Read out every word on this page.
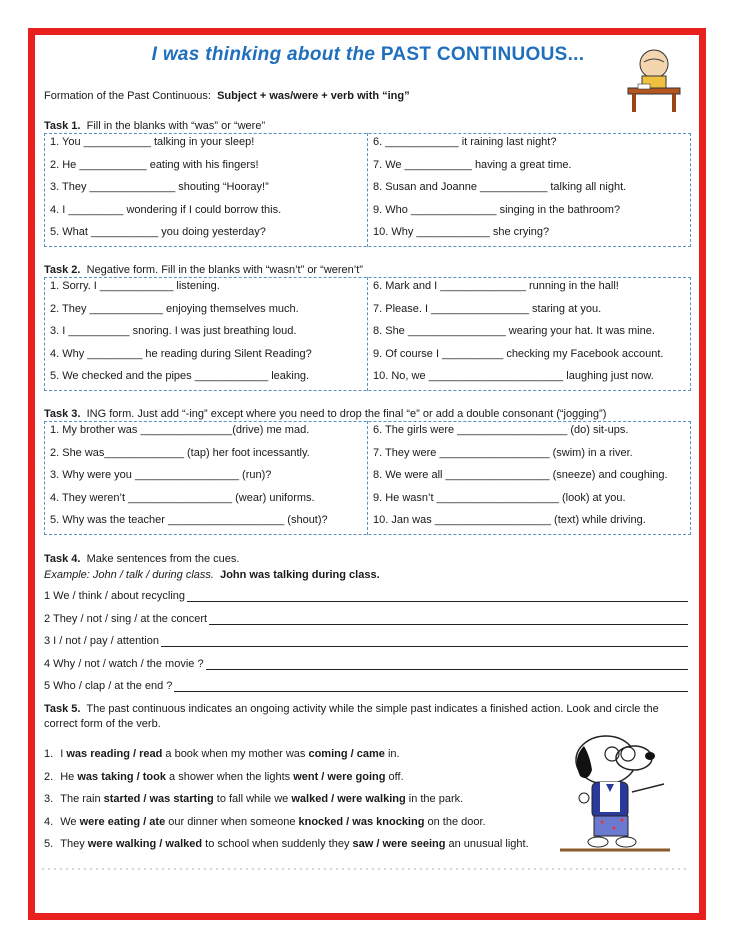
I was thinking about the PAST CONTINUOUS...
Formation of the Past Continuous: Subject + was/were + verb with “ing”
Task 1. Fill in the blanks with “was” or “were”
1. You ___________ talking in your sleep!
2. He ___________ eating with his fingers!
3. They ______________ shouting “Hooray!”
4. I _________ wondering if I could borrow this.
5. What ___________ you doing yesterday?
6. ____________ it raining last night?
7. We ___________ having a great time.
8. Susan and Joanne ___________ talking all night.
9. Who ______________ singing in the bathroom?
10. Why ____________ she crying?
Task 2. Negative form. Fill in the blanks with “wasn’t” or “weren’t”
1. Sorry. I ____________ listening.
2. They ____________ enjoying themselves much.
3. I __________ snoring. I was just breathing loud.
4. Why _________ he reading during Silent Reading?
5. We checked and the pipes ____________ leaking.
6. Mark and I ______________ running in the hall!
7. Please. I ________________ staring at you.
8. She ________________ wearing your hat. It was mine.
9. Of course I __________ checking my Facebook account.
10. No, we ______________________ laughing just now.
Task 3. ING form. Just add “-ing” except where you need to drop the final “e” or add a double consonant (“jogging”)
1. My brother was _______________(drive) me mad.
2. She was_____________ (tap) her foot incessantly.
3. Why were you _________________ (run)?
4. They weren’t _________________ (wear) uniforms.
5. Why was the teacher ___________________ (shout)?
6. The girls were __________________ (do) sit-ups.
7. They were __________________ (swim) in a river.
8. We were all _________________ (sneeze) and coughing.
9. He wasn’t ____________________ (look) at you.
10. Jan was ___________________ (text) while driving.
Task 4. Make sentences from the cues.
Example: John / talk / during class. John was talking during class.
1 We / think / about recycling
2 They / not / sing / at the concert
3 I / not / pay / attention
4 Why / not / watch / the movie ?
5 Who / clap / at the end ?
Task 5. The past continuous indicates an ongoing activity while the simple past indicates a finished action. Look and circle the
correct form of the verb.
1. I was reading / read a book when my mother was coming / came in.
2. He was taking / took a shower when the lights went / were going off.
3. The rain started / was starting to fall while we walked / were walking in the park.
4. We were eating / ate our dinner when someone knocked / was knocking on the door.
5. They were walking / walked to school when suddenly they saw / were seeing an unusual light.
